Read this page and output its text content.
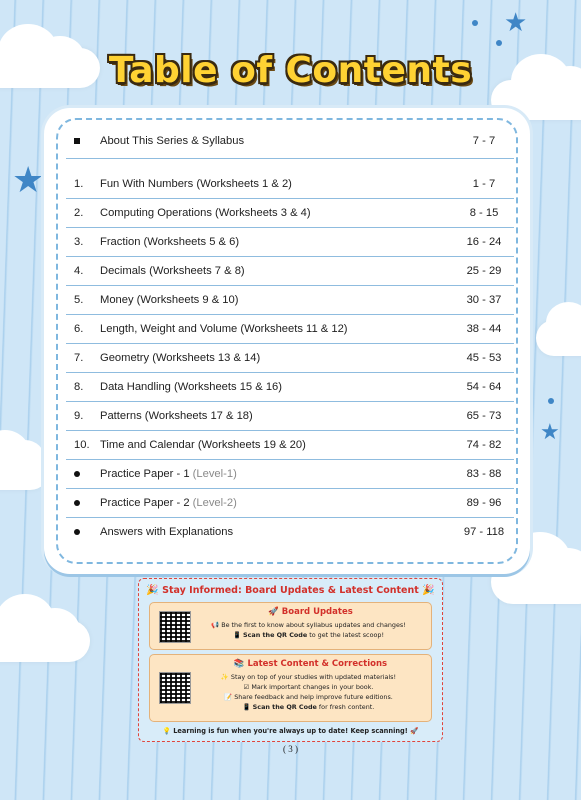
★
★
★
Table of Contents
About This Series & Syllabus	7 - 7
1.	Fun With Numbers (Worksheets 1 & 2)	1 - 7
2.	Computing Operations (Worksheets 3 & 4)	8 - 15
3.	Fraction (Worksheets 5 & 6)	16 - 24
4.	Decimals (Worksheets 7 & 8)	25 - 29
5.	Money (Worksheets 9 & 10)	30 - 37
6.	Length, Weight and Volume (Worksheets 11 & 12)	38 - 44
7.	Geometry (Worksheets 13 & 14)	45 - 53
8.	Data Handling (Worksheets 15 & 16)	54 - 64
9.	Patterns (Worksheets 17 & 18)	65 - 73
10. Time and Calendar (Worksheets 19 & 20)	74 - 82
Practice Paper - 1 (Level-1)	83 - 88
Practice Paper - 2 (Level-2)	89 - 96
Answers with Explanations	97 - 118
🎉 Stay Informed: Board Updates & Latest Content 🎉
🚀 Board Updates
📢 Be the first to know about syllabus updates and changes!
📱 Scan the QR Code to get the latest scoop!
📚 Latest Content & Corrections
✨ Stay on top of your studies with updated materials!
☑ Mark important changes in your book.
📝 Share feedback and help improve future editions.
📱 Scan the QR Code for fresh content.
💡 Learning is fun when you're always up to date! Keep scanning! 🚀
( 3 )
